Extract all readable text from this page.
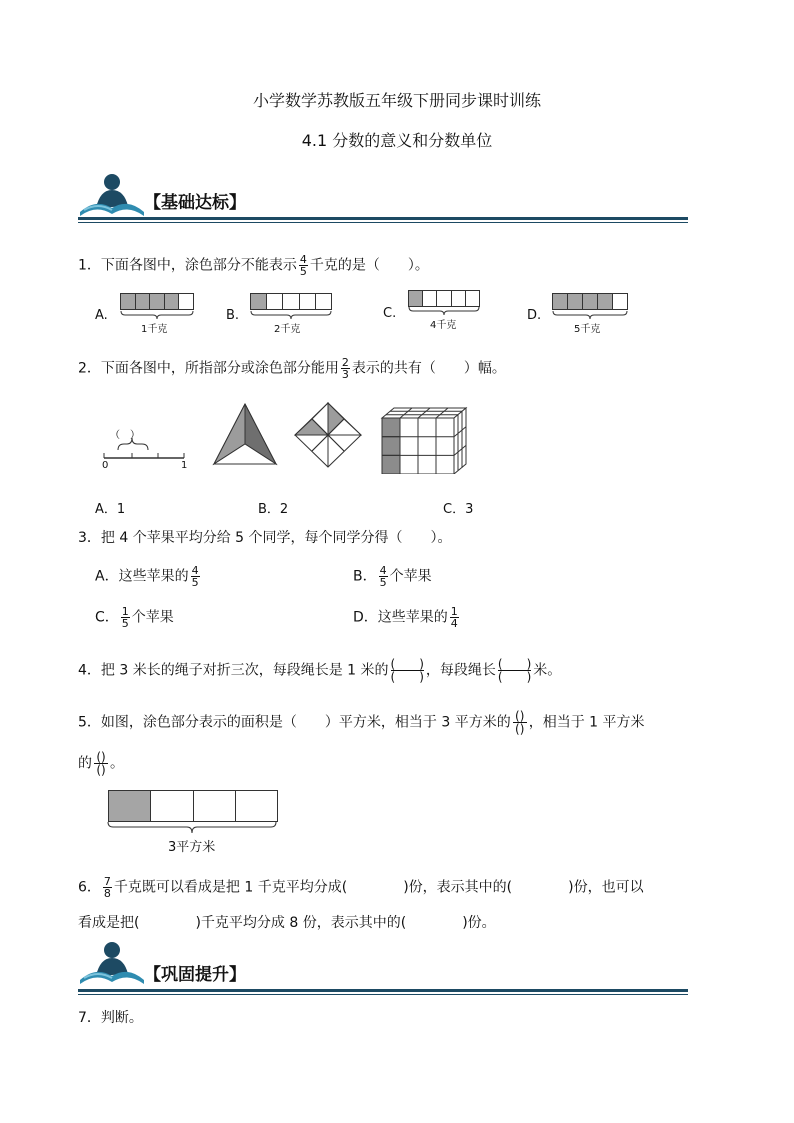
小学数学苏教版五年级下册同步课时训练
4.1 分数的意义和分数单位
【基础达标】
1．下面各图中，涂色部分不能表示 $\frac{4}{5}$ 千克的是（　　）。
A.
1千克
B.
2千克
C.
4千克
D.
5千克
2．下面各图中，所指部分或涂色部分能用 $\frac{2}{3}$ 表示的共有（　　）幅。
（　）
0	1
A．1	B．2	C．3
3．把 4 个苹果平均分给 5 个同学，每个同学分得（　　）。
A．这些苹果的 $\frac{4}{5}$	B． $\frac{4}{5}$ 个苹果
C． $\frac{1}{5}$ 个苹果	D．这些苹果的 $\frac{1}{4}$
4．把 3 米长的绳子对折三次，每段绳长是 1 米的 (　　)
(　　) ，每段绳长 (　　)
(　　) 米。
5．如图，涂色部分表示的面积是（　　）平方米，相当于 3 平方米的 ()
() ，相当于 1 平方米
的 ()
() 。
3平方米
6． $\frac{7}{8}$ 千克既可以看成是把 1 千克平均分成(　　　　)份，表示其中的(　　　　)份，也可以
看成是把(　　　　)千克平均分成 8 份，表示其中的(　　　　)份。
【巩固提升】
7．判断。
